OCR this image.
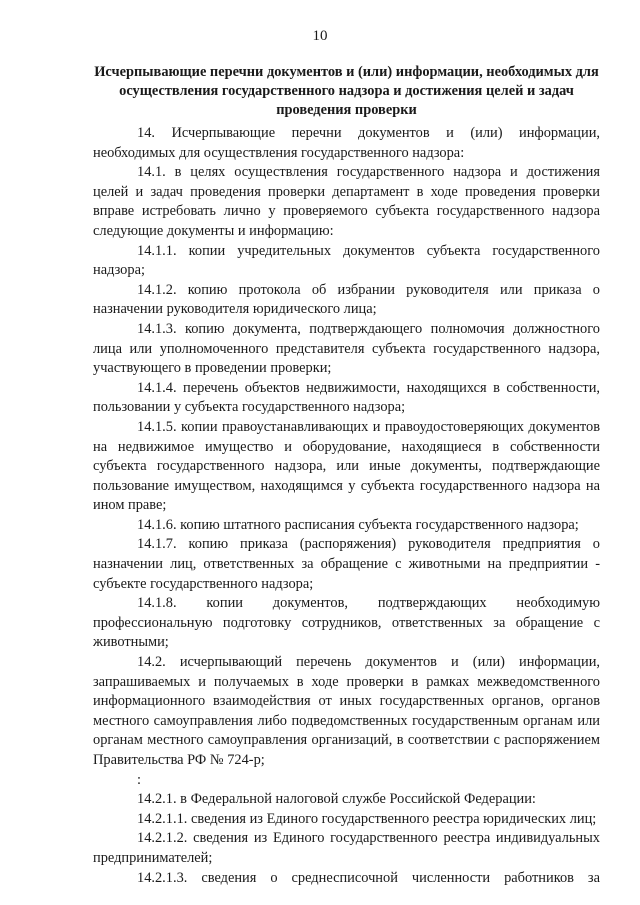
10
Исчерпывающие перечни документов и (или) информации, необходимых для осуществления государственного надзора и достижения целей и задач проведения проверки

14. Исчерпывающие перечни документов и (или) информации, необходимых для осуществления государственного надзора:

14.1. в целях осуществления государственного надзора и достижения целей и задач проведения проверки департамент в ходе проведения проверки вправе истребовать лично у проверяемого субъекта государственного надзора следующие документы и информацию:

14.1.1. копии учредительных документов субъекта государственного надзора;

14.1.2. копию протокола об избрании руководителя или приказа о назначении руководителя юридического лица;

14.1.3. копию документа, подтверждающего полномочия должностного лица или уполномоченного представителя субъекта государственного надзора, участвующего в проведении проверки;

14.1.4. перечень объектов недвижимости, находящихся в собственности, пользовании у субъекта государственного надзора;

14.1.5. копии правоустанавливающих и правоудостоверяющих документов на недвижимое имущество и оборудование, находящиеся в собственности субъекта государственного надзора, или иные документы, подтверждающие пользование имуществом, находящимся у субъекта государственного надзора на ином праве;

14.1.6. копию штатного расписания субъекта государственного надзора;

14.1.7. копию приказа (распоряжения) руководителя предприятия о назначении лиц, ответственных за обращение с животными на предприятии - субъекте государственного надзора;

14.1.8. копии документов, подтверждающих необходимую профессиональную подготовку сотрудников, ответственных за обращение с животными;

14.2. исчерпывающий перечень документов и (или) информации, запрашиваемых и получаемых в ходе проверки в рамках межведомственного информационного взаимодействия от иных государственных органов, органов местного самоуправления либо подведомственных государственным органам или органам местного самоуправления организаций, в соответствии с распоряжением Правительства РФ № 724-р;

:

14.2.1. в Федеральной налоговой службе Российской Федерации:

14.2.1.1. сведения из Единого государственного реестра юридических лиц;

14.2.1.2. сведения из Единого государственного реестра индивидуальных предпринимателей;

14.2.1.3. сведения о среднесписочной численности работников за
